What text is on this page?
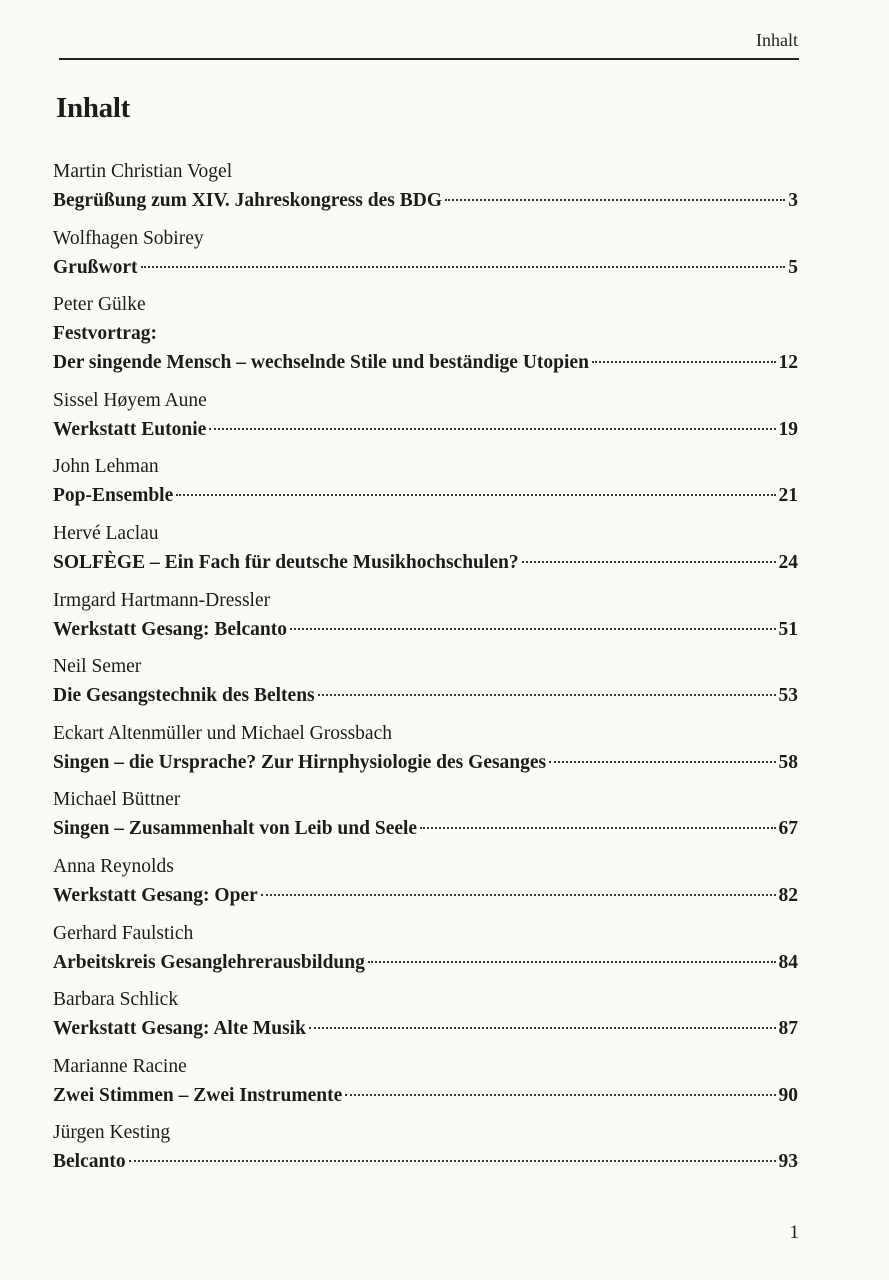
Inhalt
Inhalt
Martin Christian Vogel
Begrüßung zum XIV. Jahreskongress des BDG	3
Wolfhagen Sobirey
Grußwort	5
Peter Gülke
Festvortrag:
Der singende Mensch – wechselnde Stile und beständige Utopien	12
Sissel Høyem Aune
Werkstatt Eutonie	19
John Lehman
Pop-Ensemble	21
Hervé Laclau
SOLFÈGE – Ein Fach für deutsche Musikhochschulen?	24
Irmgard Hartmann-Dressler
Werkstatt Gesang: Belcanto	51
Neil Semer
Die Gesangstechnik des Beltens	53
Eckart Altenmüller und Michael Grossbach
Singen – die Ursprache? Zur Hirnphysiologie des Gesanges	58
Michael Büttner
Singen – Zusammenhalt von Leib und Seele	67
Anna Reynolds
Werkstatt Gesang: Oper	82
Gerhard Faulstich
Arbeitskreis Gesanglehrerausbildung	84
Barbara Schlick
Werkstatt Gesang: Alte Musik	87
Marianne Racine
Zwei Stimmen – Zwei Instrumente	90
Jürgen Kesting
Belcanto	93
1
